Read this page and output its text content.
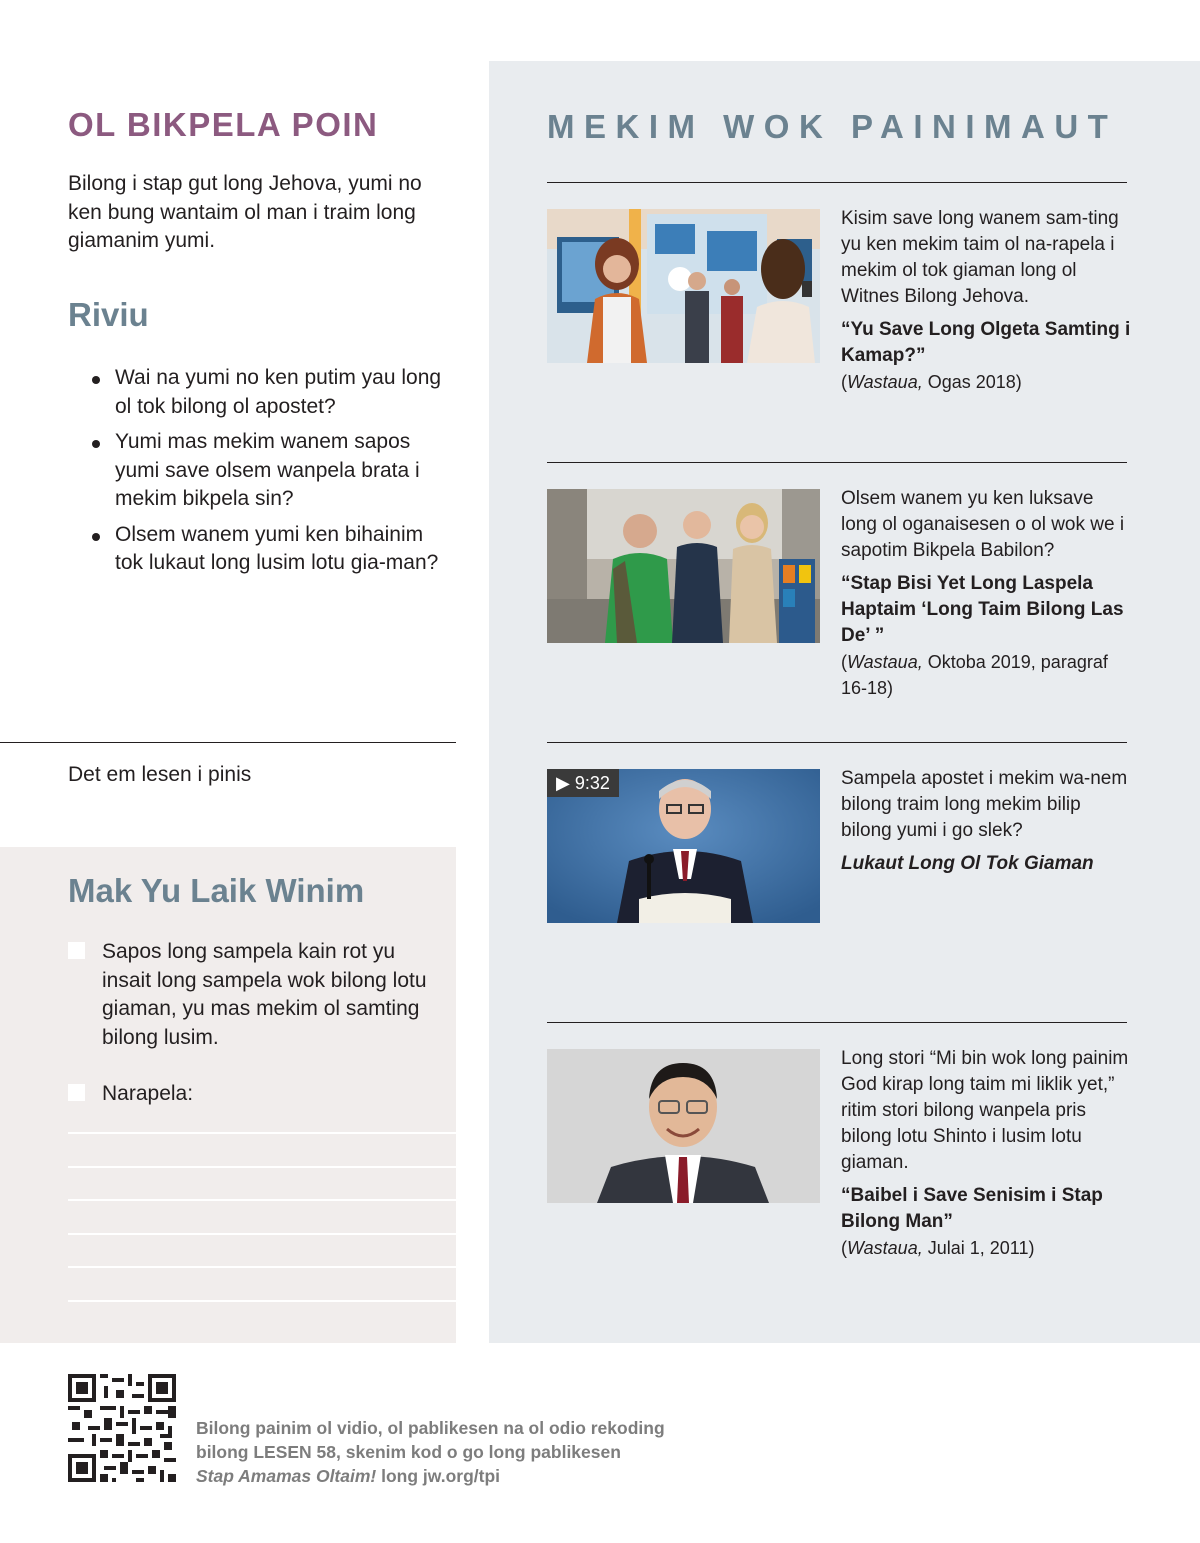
OL BIKPELA POIN

Bilong i stap gut long Jehova, yumi no ken bung wantaim ol man i traim long giamanim yumi.

Riviu
Wai na yumi no ken putim yau long ol tok bilong ol apostet?
Yumi mas mekim wanem sapos yumi save olsem wanpela brata i mekim bikpela sin?
Olsem wanem yumi ken bihainim tok lukaut long lusim lotu gia-man?
Det em lesen i pinis
Mak Yu Laik Winim
Sapos long sampela kain rot yu insait long sampela wok bilong lotu giaman, yu mas mekim ol samting bilong lusim.
Narapela:
MEKIM WOK PAINIMAUT
Kisim save long wanem sam-ting yu ken mekim taim ol na-rapela i mekim ol tok giaman long ol Witnes Bilong Jehova.
“Yu Save Long Olgeta Samting i Kamap?”
(Wastaua, Ogas 2018)
Olsem wanem yu ken luksave long ol oganaisesen o ol wok we i sapotim Bikpela Babilon?
“Stap Bisi Yet Long Laspela Haptaim ‘Long Taim Bilong Las De’ ”
(Wastaua, Oktoba 2019, paragraf 16-18)
▶ 9:32	Sampela apostet i mekim wa-nem bilong traim long mekim bilip bilong yumi i go slek?
Lukaut Long Ol Tok Giaman
Long stori “Mi bin wok long painim God kirap long taim mi liklik yet,” ritim stori bilong wanpela pris bilong lotu Shinto i lusim lotu giaman.
“Baibel i Save Senisim i Stap Bilong Man”
(Wastaua, Julai 1, 2011)
Bilong painim ol vidio, ol pablikesen na ol odio rekoding
bilong LESEN 58, skenim kod o go long pablikesen
Stap Amamas Oltaim! long jw.org/tpi
